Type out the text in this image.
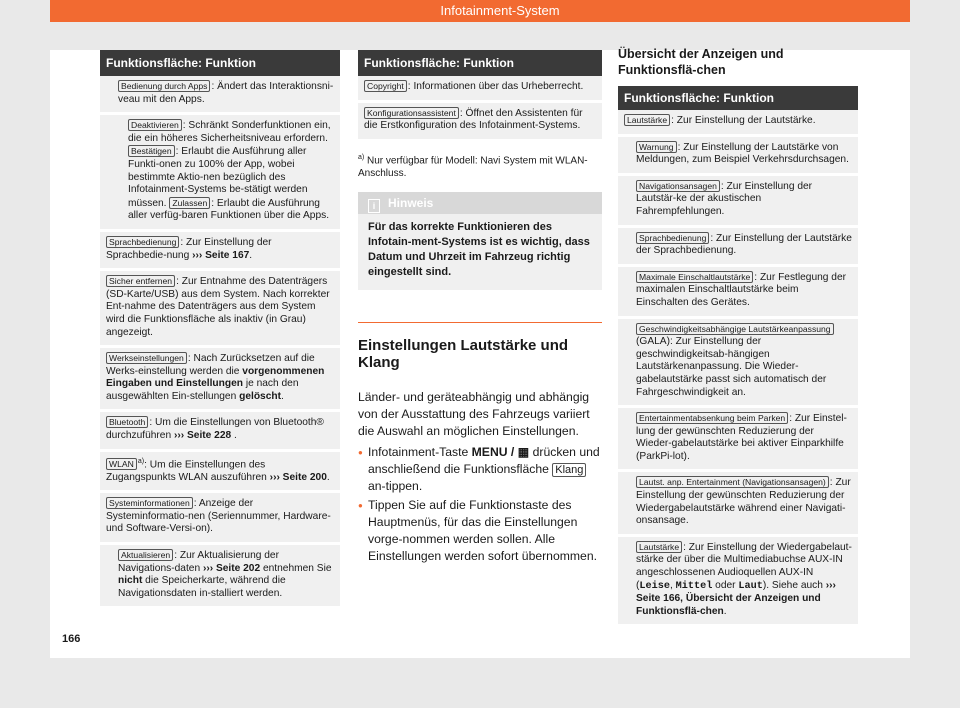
Infotainment-System
Funktionsfläche: Funktion
Bedienung durch Apps : Ändert das Interaktionsni-veau mit den Apps.
Deaktivieren : Schränkt Sonderfunktionen ein, die ein höheres Sicherheitsniveau erfordern. Bestätigen : Erlaubt die Ausführung aller Funkti-onen zu 100% der App, wobei bestimmte Aktio-nen bezüglich des Infotainment-Systems be-stätigt werden müssen. Zulassen : Erlaubt die Ausführung aller verfüg-baren Funktionen über die Apps.
Sprachbedienung : Zur Einstellung der Sprachbedie-nung ››› Seite 167.
Sicher entfernen : Zur Entnahme des Datenträgers (SD-Karte/USB) aus dem System. Nach korrekter Ent-nahme des Datenträgers aus dem System wird die Funktionsfläche als inaktiv (in Grau) angezeigt.
Werkseinstellungen : Nach Zurücksetzen auf die Werks-einstellung werden die vorgenommenen Eingaben und Einstellungen je nach den ausgewählten Ein-stellungen gelöscht.
Bluetooth : Um die Einstellungen von Bluetooth® durchzuführen ››› Seite 228 .
WLAN $^{a)}$: Um die Einstellungen des Zugangspunkts WLAN auszuführen ››› Seite 200.
Systeminformationen : Anzeige der Systeminformatio-nen (Seriennummer, Hardware- und Software-Versi-on).
Aktualisieren : Zur Aktualisierung der Navigations-daten ››› Seite 202 entnehmen Sie nicht die Speicherkarte, während die Navigationsdaten in-stalliert werden.
Funktionsfläche: Funktion
Copyright : Informationen über das Urheberrecht.
Konfigurationsassistent : Öffnet den Assistenten für die Erstkonfiguration des Infotainment-Systems.
$^{a)}$ Nur verfügbar für Modell: Navi System mit WLAN-Anschluss.
i Hinweis
Für das korrekte Funktionieren des Infotain-ment-Systems ist es wichtig, dass Datum und Uhrzeit im Fahrzeug richtig eingestellt sind.
Einstellungen Lautstärke und Klang
Länder- und geräteabhängig und abhängig von der Ausstattung des Fahrzeugs variiert die Auswahl an möglichen Einstellungen.
● Infotainment-Taste MENU / ▦ drücken und anschließend die Funktionsfläche Klang an-tippen.
● Tippen Sie auf die Funktionstaste des Hauptmenüs, für das die Einstellungen vorge-nommen werden sollen. Alle Einstellungen werden sofort übernommen.
Übersicht der Anzeigen und Funktionsflä-chen
Funktionsfläche: Funktion
Lautstärke : Zur Einstellung der Lautstärke.
Warnung : Zur Einstellung der Lautstärke von Meldungen, zum Beispiel Verkehrsdurchsagen.
Navigationsansagen : Zur Einstellung der Lautstär-ke der akustischen Fahrempfehlungen.
Sprachbedienung : Zur Einstellung der Lautstärke der Sprachbedienung.
Maximale Einschaltlautstärke : Zur Festlegung der maximalen Einschaltlautstärke beim Einschalten des Gerätes.
Geschwindigkeitsabhängige Lautstärkeanpassung(GALA): Zur Einstellung der geschwindigkeitsab-hängigen Lautstärkenanpassung. Die Wieder-gabelautstärke passt sich automatisch der Fahrgeschwindigkeit an.
Entertainmentabsenkung beim Parken : Zur Einstel-lung der gewünschten Reduzierung der Wieder-gabelautstärke bei aktiver Einparkhilfe (ParkPi-lot).
Lautst. anp. Entertainment (Navigationsansagen) : Zur Einstellung der gewünschten Reduzierung der Wiedergabelautstärke während einer Navigati-onsansage.
Lautstärke : Zur Einstellung der Wiedergabelaut-stärke der über die Multimediabuchse AUX-IN angeschlossenen Audioquellen AUX-IN (Leise, Mittel oder Laut). Siehe auch ››› Seite 166, Übersicht der Anzeigen und Funktionsflä-chen.
166
